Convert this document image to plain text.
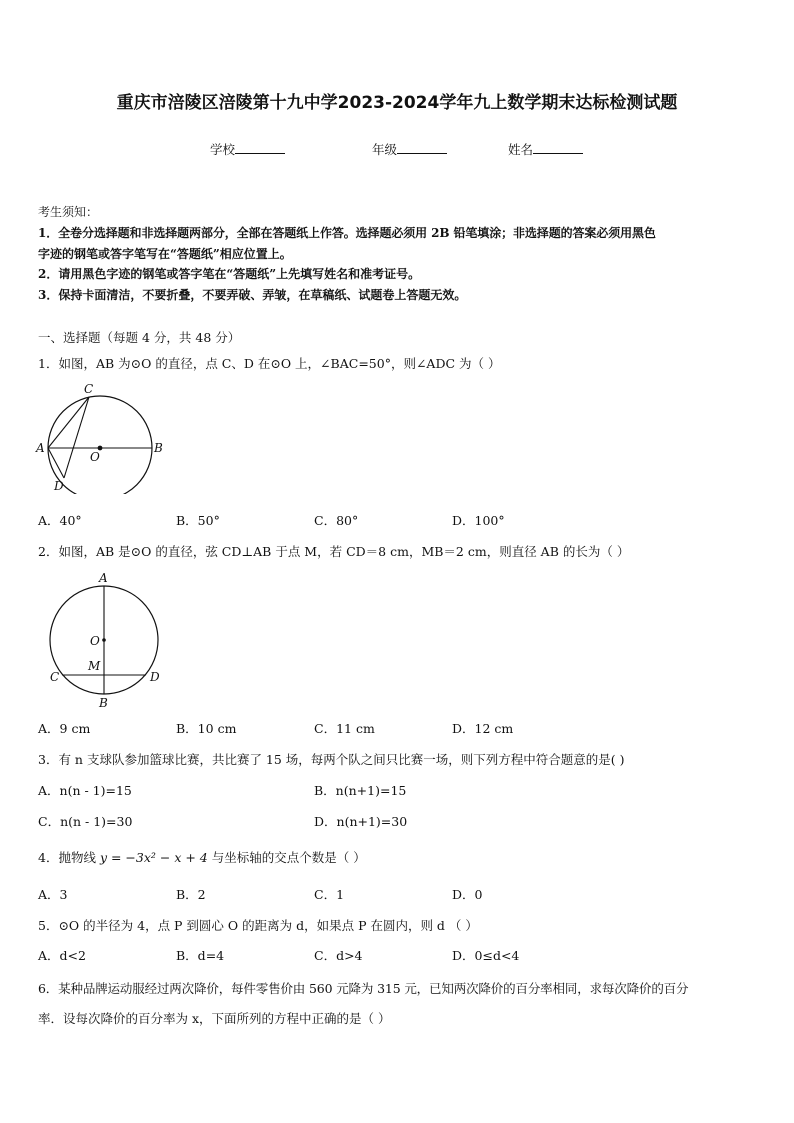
重庆市涪陵区涪陵第十九中学2023-2024学年九上数学期末达标检测试题
学校	年级	姓名
考生须知：
1．全卷分选择题和非选择题两部分，全部在答题纸上作答。选择题必须用 2B 铅笔填涂；非选择题的答案必须用黑色
字迹的钢笔或答字笔写在“答题纸”相应位置上。
2．请用黑色字迹的钢笔或答字笔在“答题纸”上先填写姓名和准考证号。
3．保持卡面清洁，不要折叠，不要弄破、弄皱，在草稿纸、试题卷上答题无效。
一、选择题（每题 4 分，共 48 分）
1．如图，AB 为⊙O 的直径，点 C、D 在⊙O 上，∠BAC=50°，则∠ADC 为（ ）
A	B
C
D
O
A．40°	B．50°	C．80°	D．100°
2．如图，AB 是⊙O 的直径，弦 CD⊥AB 于点 M，若 CD＝8 cm，MB＝2 cm，则直径 AB 的长为（ ）
A
B
C	D
O
M
A．9 cm	B．10 cm	C．11 cm	D．12 cm
3．有 n 支球队参加篮球比赛，共比赛了 15 场，每两个队之间只比赛一场，则下列方程中符合题意的是( )
A．n(n - 1)=15	B．n(n+1)=15
C．n(n - 1)=30	D．n(n+1)=30
4．抛物线 y = −3x² − x + 4 与坐标轴的交点个数是（ ）
A．3	B．2	C．1	D．0
5．⊙O 的半径为 4，点 P 到圆心 O 的距离为 d，如果点 P 在圆内，则 d （ ）
A．d<2	B．d=4	C．d>4	D．0≤d<4
6．某种品牌运动服经过两次降价，每件零售价由 560 元降为 315 元，已知两次降价的百分率相同，求每次降价的百分
率．设每次降价的百分率为 x，下面所列的方程中正确的是（ ）
